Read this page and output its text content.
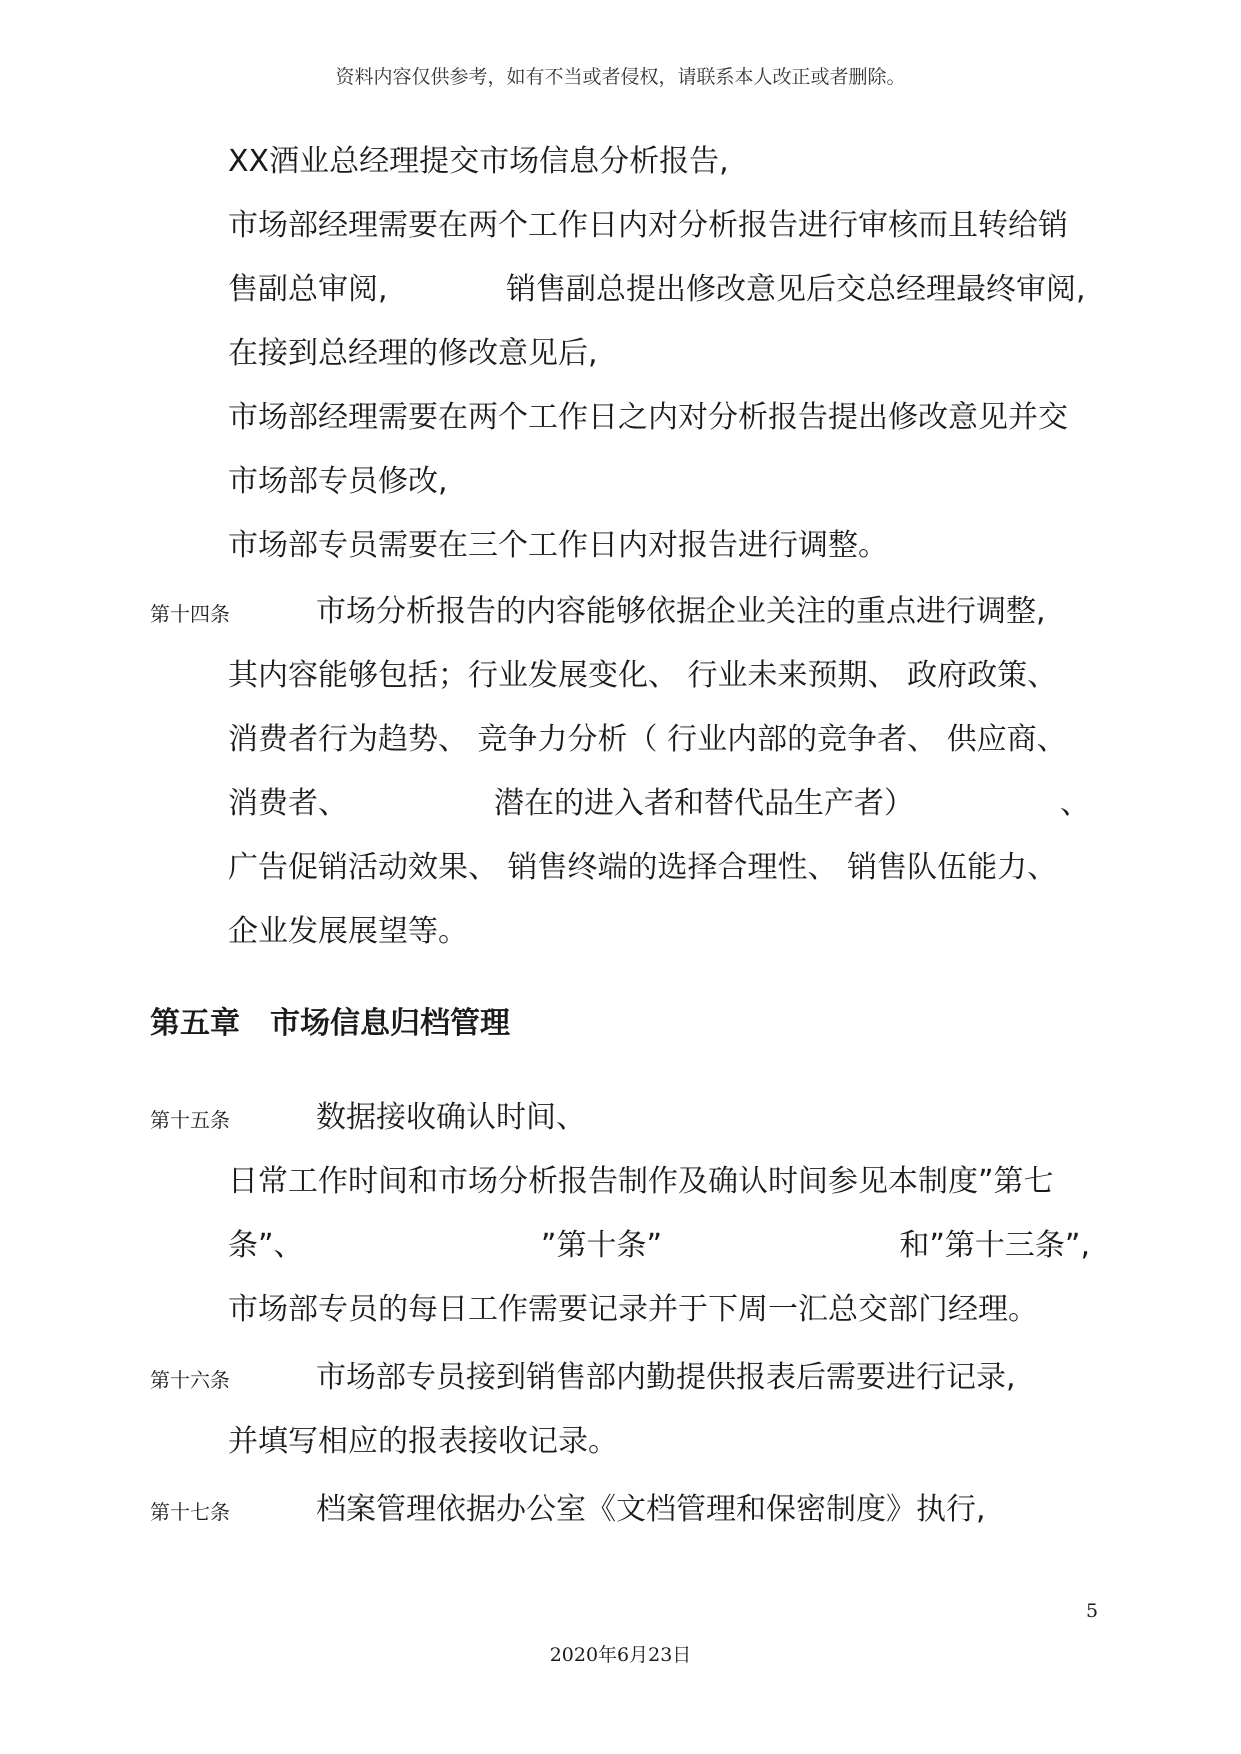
资料内容仅供参考，如有不当或者侵权，请联系本人改正或者删除。
XX酒业总经理提交市场信息分析报告,
市场部经理需要在两个工作日内对分析报告进行审核而且转给销
售副总审阅,	销售副总提出修改意见后交总经理最终审阅,
在接到总经理的修改意见后,
市场部经理需要在两个工作日之内对分析报告提出修改意见并交
市场部专员修改,
市场部专员需要在三个工作日内对报告进行调整。
第十四条	市场分析报告的内容能够依据企业关注的重点进行调整,
其内容能够包括；行业发展变化、 行业未来预期、 政府政策、
消费者行为趋势、 竞争力分析（ 行业内部的竞争者、 供应商、
消费者、	潜在的进入者和替代品生产者）	、
广告促销活动效果、 销售终端的选择合理性、 销售队伍能力、
企业发展展望等。
第五章 市场信息归档管理
第十五条	数据接收确认时间、
日常工作时间和市场分析报告制作及确认时间参见本制度”第七
条”、	”第十条”	和”第十三条”,
市场部专员的每日工作需要记录并于下周一汇总交部门经理。
第十六条	市场部专员接到销售部内勤提供报表后需要进行记录,
并填写相应的报表接收记录。
第十七条	档案管理依据办公室《文档管理和保密制度》执行,
5
2020年6月23日
